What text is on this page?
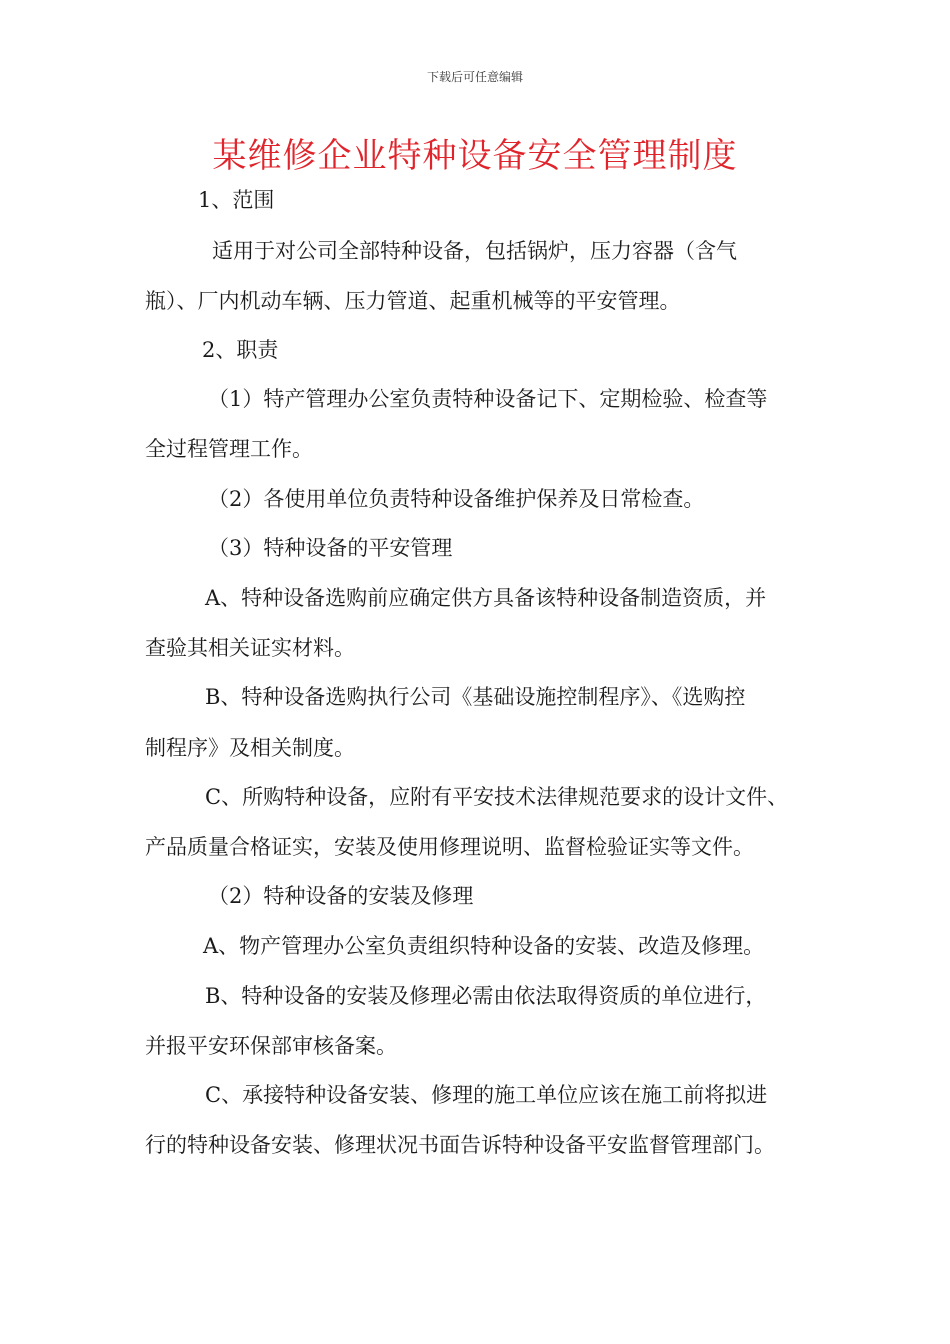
下载后可任意编辑
某维修企业特种设备安全管理制度

1、范围

适用于对公司全部特种设备，包括锅炉，压力容器（含气

瓶）、厂内机动车辆、压力管道、起重机械等的平安管理。

2、职责

（1）特产管理办公室负责特种设备记下、定期检验、检查等

全过程管理工作。

（2）各使用单位负责特种设备维护保养及日常检查。

（3）特种设备的平安管理

A、特种设备选购前应确定供方具备该特种设备制造资质，并

查验其相关证实材料。

B、特种设备选购执行公司《基础设施控制程序》、《选购控

制程序》及相关制度。

C、所购特种设备，应附有平安技术法律规范要求的设计文件、

产品质量合格证实，安装及使用修理说明、监督检验证实等文件。

（2）特种设备的安装及修理

A、物产管理办公室负责组织特种设备的安装、改造及修理。

B、特种设备的安装及修理必需由依法取得资质的单位进行，

并报平安环保部审核备案。

C、承接特种设备安装、修理的施工单位应该在施工前将拟进

行的特种设备安装、修理状况书面告诉特种设备平安监督管理部门。
